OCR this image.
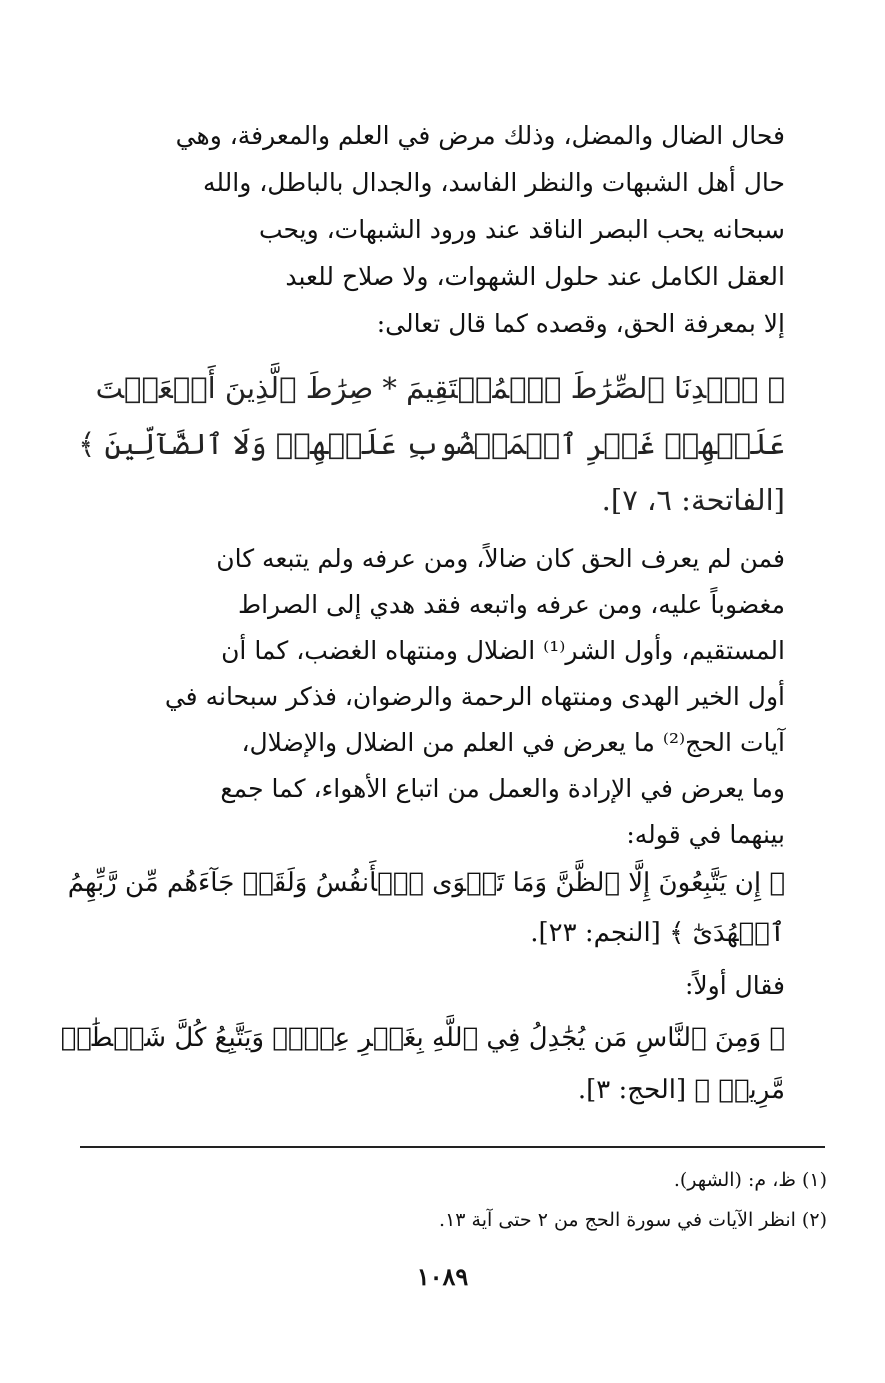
فحال الضال والمضل، وذلك مرض في العلم والمعرفة، وهي
حال أهل الشبهات والنظر الفاسد، والجدال بالباطل، والله
سبحانه يحب البصر الناقد عند ورود الشبهات، ويحب
العقل الكامل عند حلول الشهوات، ولا صلاح للعبد
إلا بمعرفة الحق، وقصده كما قال تعالى:
﴿ ٱهۡدِنَا ٱلصِّرَٰطَ ٱلۡمُسۡتَقِيمَ * صِرَٰطَ ٱلَّذِينَ أَنۡعَمۡتَ
عَلَيۡهِمۡ غَيۡرِ ٱلۡمَغۡضُوبِ عَلَيۡهِمۡ وَلَا ٱلضَّآلِّينَ ﴾
[الفاتحة: ٦، ٧].
فمن لم يعرف الحق كان ضالاً، ومن عرفه ولم يتبعه كان
مغضوباً عليه، ومن عرفه واتبعه فقد هدي إلى الصراط
المستقيم، وأول الشر⁽¹⁾ الضلال ومنتهاه الغضب، كما أن
أول الخير الهدى ومنتهاه الرحمة والرضوان، فذكر سبحانه في
آيات الحج⁽²⁾ ما يعرض في العلم من الضلال والإضلال،
وما يعرض في الإرادة والعمل من اتباع الأهواء، كما جمع
بينهما في قوله:
﴿ إِن يَتَّبِعُونَ إِلَّا ٱلظَّنَّ وَمَا تَهۡوَى ٱلۡأَنفُسُ وَلَقَدۡ جَآءَهُم مِّن رَّبِّهِمُ
ٱلۡهُدَىٰٓ ﴾ [النجم: ٢٣].
فقال أولاً:
﴿ وَمِنَ ٱلنَّاسِ مَن يُجَٰدِلُ فِي ٱللَّهِ بِغَيۡرِ عِلۡمٖ وَيَتَّبِعُ كُلَّ شَيۡطَٰنٖ
مَّرِيدٖ ﴾ [الحج: ٣].
(١) ظ، م: (الشهر).
(٢) انظر الآيات في سورة الحج من ٢ حتى آية ١٣.
١٠٨٩
